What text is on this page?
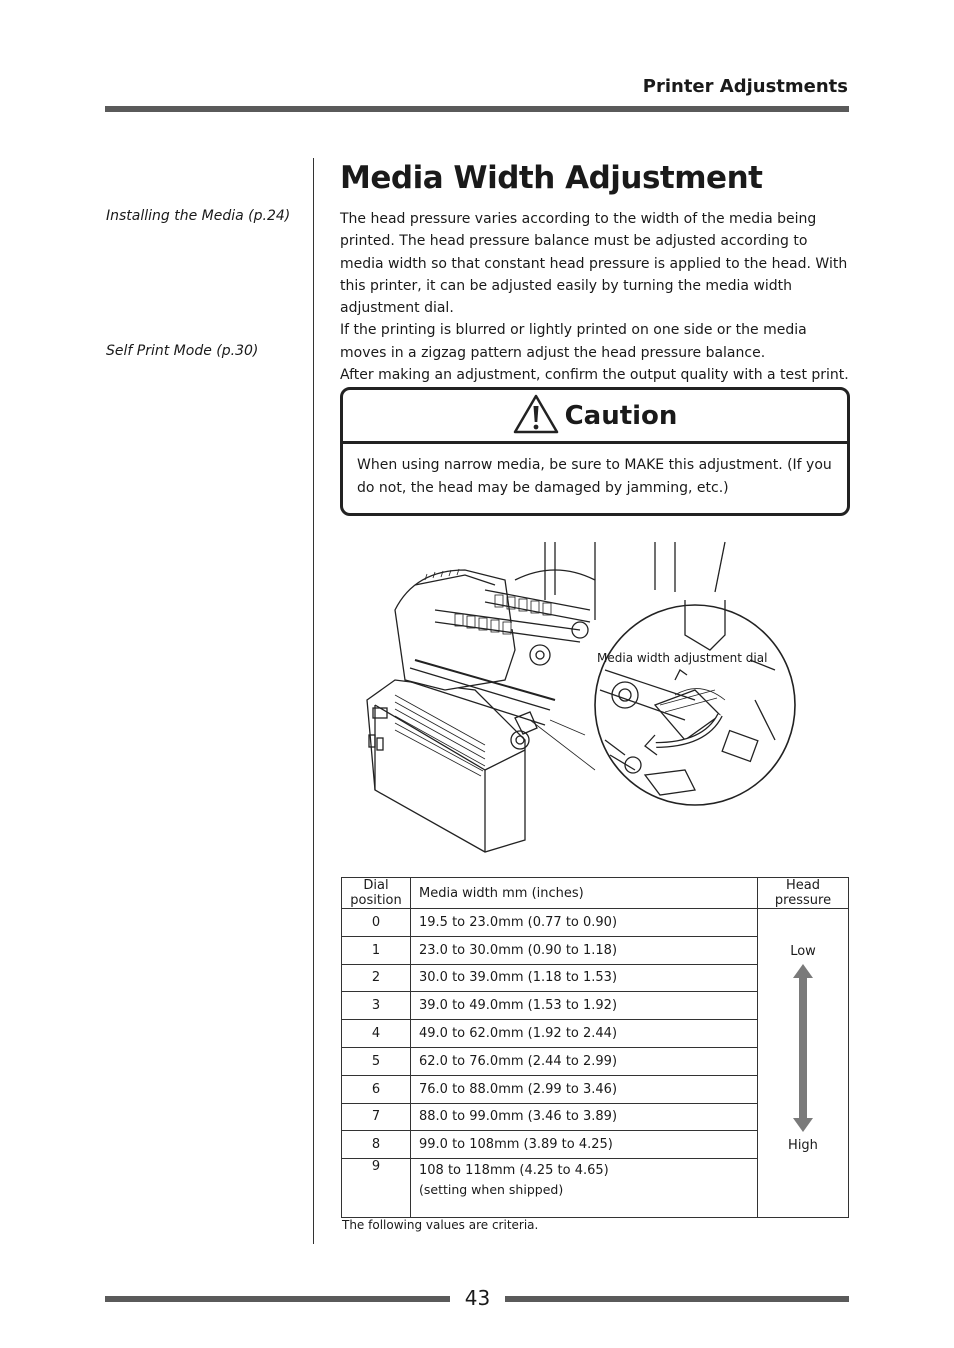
Printer Adjustments
Installing the Media (p.24)
Self Print Mode (p.30)
Media Width Adjustment

The head pressure varies according to the width of the media being printed. The head pressure balance must be adjusted according to media width so that constant head pressure is applied to the head. With this printer, it can be adjusted easily by turning the media width adjustment dial.

If the printing is blurred or lightly printed on one side or the media moves in a zigzag pattern adjust the head pressure balance.

After making an adjustment, confirm the output quality with a test print.

Caution
When using narrow media, be sure to MAKE this adjustment. (If you do not, the head may be damaged by jamming, etc.)
Media width adjustment dial
Dial position	Media width mm (inches)	Head pressure
0	19.5 to 23.0mm (0.77 to 0.90)	Low
High

1	23.0 to 30.0mm (0.90 to 1.18)	
2	30.0 to 39.0mm (1.18 to 1.53)	
3	39.0 to 49.0mm (1.53 to 1.92)	
4	49.0 to 62.0mm (1.92 to 2.44)	
5	62.0 to 76.0mm (2.44 to 2.99)	
6	76.0 to 88.0mm (2.99 to 3.46)	
7	88.0 to 99.0mm (3.46 to 3.89)	
8	99.0 to 108mm (3.89 to 4.25)	
9	108 to 118mm (4.25 to 4.65)
(setting when shipped)	
The following values are criteria.
43
